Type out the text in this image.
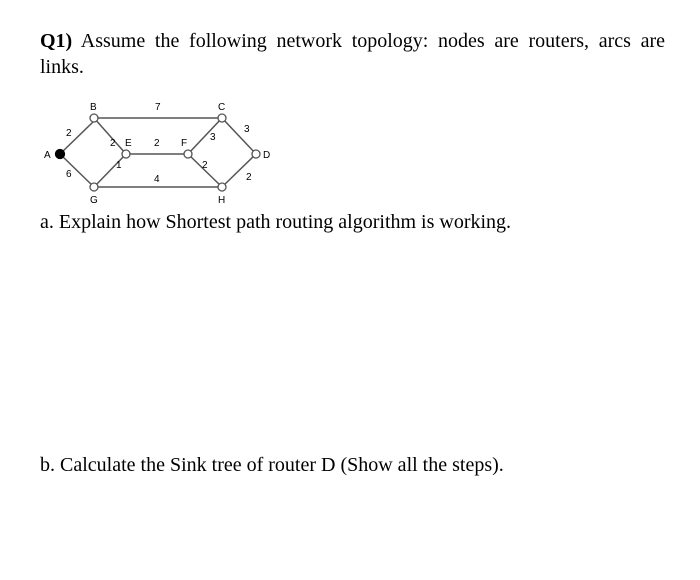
Q1) Assume the following network topology: nodes are routers, arcs are links.

A
B	C
D
E	F
G	H
2
6
7
2	2
1
4
3
2
3
2

a. Explain how Shortest path routing algorithm is working.

b. Calculate the Sink tree of router D (Show all the steps).
